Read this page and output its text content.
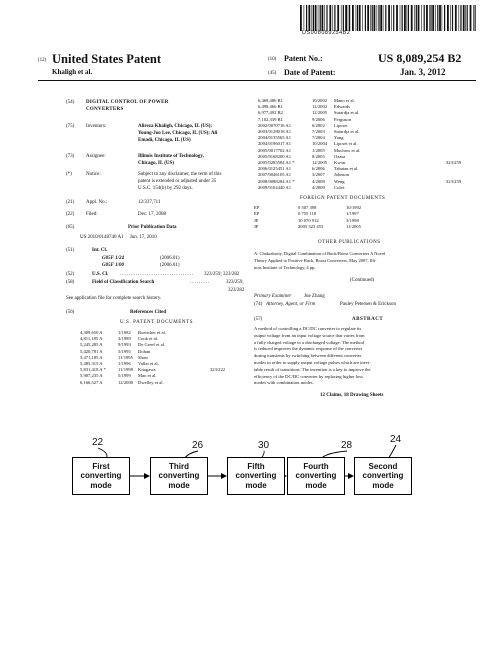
US008089254B2
(12) United States Patent
Khaligh et al.
(10) Patent No.:	US 8,089,254 B2
(45) Date of Patent:	Jan. 3, 2012
(54) DIGITAL CONTROL OF POWER
CONVERTERS
(75) Inventors:	Alireza Khaligh, Chicago, IL (US);
Young-Joo Lee, Chicago, IL (US); Ali
Emadi, Chicago, IL (US)
(73) Assignee:	Illinois Institute of Technology,
Chicago, IL (US)
(*)	Notice:	Subject to any disclaimer, the term of this
patent is extended or adjusted under 35
U.S.C. 154(b) by 292 days.
(21) Appl. No.:	12/337,711
(22) Filed:	Dec. 17, 2008
(65)	Prior Publication Data
US 2010/0148740 A1     Jun. 17, 2010
(51)	Int. Cl.
G05F 1/24	(2006.01)
G05F 1/00	(2006.01)
(52)	U.S. Cl. ................................. 323/259; 323/282
(58)	Field of Classification Search	.........	323/259,
323/282
See application file for complete search history.
(56)	References Cited
U.S. PATENT DOCUMENTS
4,309,650 A	1/1982 Boettcher et al.
4,811,185 A	3/1989 Cook et al.
5,245,285 A	9/1993 De Greef et al.
5,420,781 A	5/1995 Dohan
5,471,185 A	11/1995 Shaw
5,485,315 A	1/1996 Vallat et al.
5,831,418 A *	11/1998 Kitagawa	323/222
5,907,235 A	5/1999 Mao et al.
6,166,527 A	12/2000 Dwelley et al.
6,469,486 B1	10/2002 Mano et al.
6,498,466 B1	12/2002 Edwards
6,977,492 B2	12/2005 Sutardja et al.
7,102,339 B1	9/2006 Ferguson
2002/0070716 A1	6/2002 Lipcsei
2003/0128018 A1	7/2003 Sutardja et al.
2004/0135565 A1	7/2004 Yang
2004/0196017 A1	10/2004 Lipcsei et al.
2005/0017702 A1	1/2005 Muchow et al.
2005/0168200 A1	8/2005 Ozasa
2005/0285584 A1 *	12/2005 Kwon	323/259
2006/0125451 A1	6/2006 Tabaian et al.
2007/0046105 A1	3/2007 Johnson
2008/0088284 A1 *	4/2008 Weng	323/259
2009/0102440 A1	4/2009 Coles
FOREIGN PATENT DOCUMENTS
EP	0 507 398	10/1992
EP	0 755 118	1/1997
JP	10 070 912	3/1998
JP	2005 323 455	11/2005
OTHER PUBLICATIONS
A. Chakraborty, Digital Combination of Buck/Boost Converters A Novel
Theory Applied to Positive Buck, Boost Converters, May 2007, Illi-
nois Institute of Technology, 4 pp.
(Continued)
Primary Examiner	Jue Zhang
(74) Attorney, Agent, or Firm	Pauley Petersen & Erickson
(57)	ABSTRACT
A method of controlling a DC/DC converter to regulate its
output voltage from an input voltage source that varies from
a fully charged voltage to a discharged voltage. The method
is reduced improves the dynamic response of the converter
during transients by switching between different converter
modes in order to supply output voltage pulses which are inevi-
table result of transitions. The invention is a key to improve the
efficiency of the DC/DC converter by replacing higher loss
modes with combination modes.
12 Claims, 18 Drawing Sheets
First
converting
mode
22
Third
converting
mode
26
Fifth
converting
mode
30
Fourth
converting
mode
28
Second
converting
mode
24
